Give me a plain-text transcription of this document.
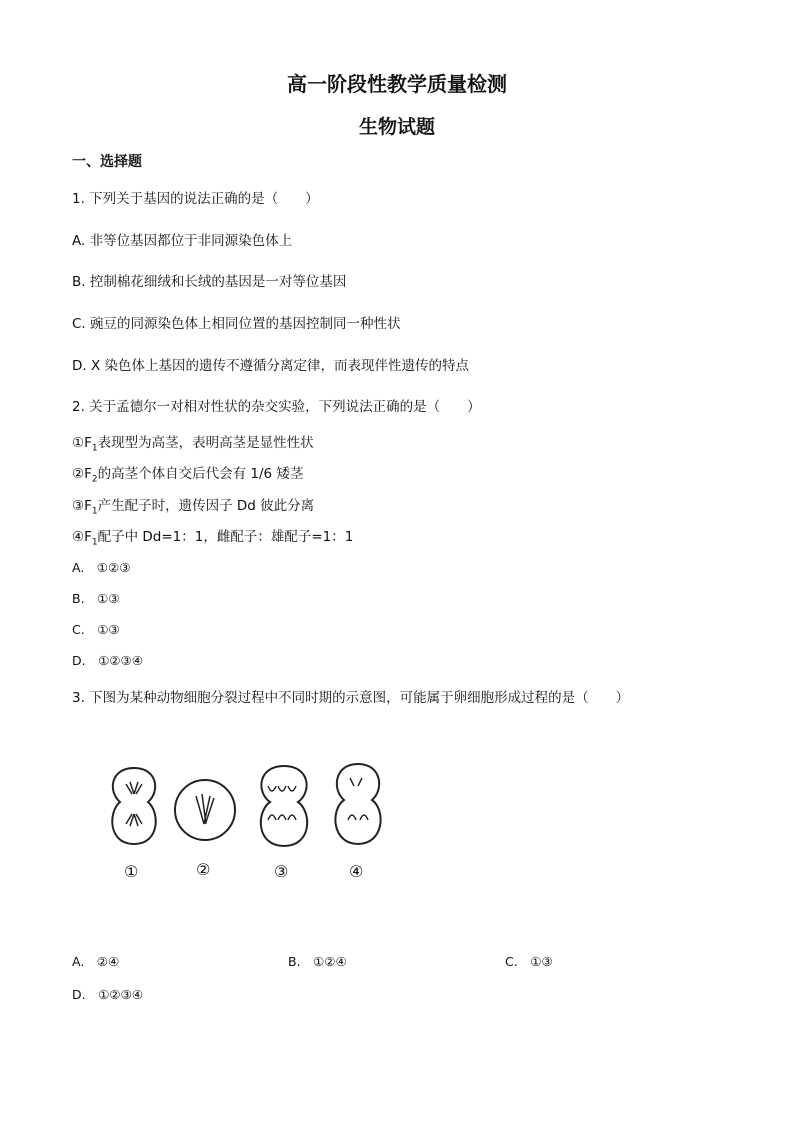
高一阶段性教学质量检测
生物试题
一、选择题
1. 下列关于基因的说法正确的是（　　）
A. 非等位基因都位于非同源染色体上
B. 控制棉花细绒和长绒的基因是一对等位基因
C. 豌豆的同源染色体上相同位置的基因控制同一种性状
D. X 染色体上基因的遗传不遵循分离定律，而表现伴性遗传的特点
2. 关于孟德尔一对相对性状的杂交实验，下列说法正确的是（　　）
$①F_1$表现型为高茎，表明高茎是显性性状
$②F_2$的高茎个体自交后代会有 1/6 矮茎
$③F_1$产生配子时，遗传因子 Dd 彼此分离
$④F_1$配子中 Dd=1：1，雌配子：雄配子=1：1
A.　①②③
B.　①③
C.　①③
D.　①②③④
3. 下图为某种动物细胞分裂过程中不同时期的示意图，可能属于卵细胞形成过程的是（　　）
①	②	③	④
A.　②④	B.　①②④	C.　①③
D.　①②③④
